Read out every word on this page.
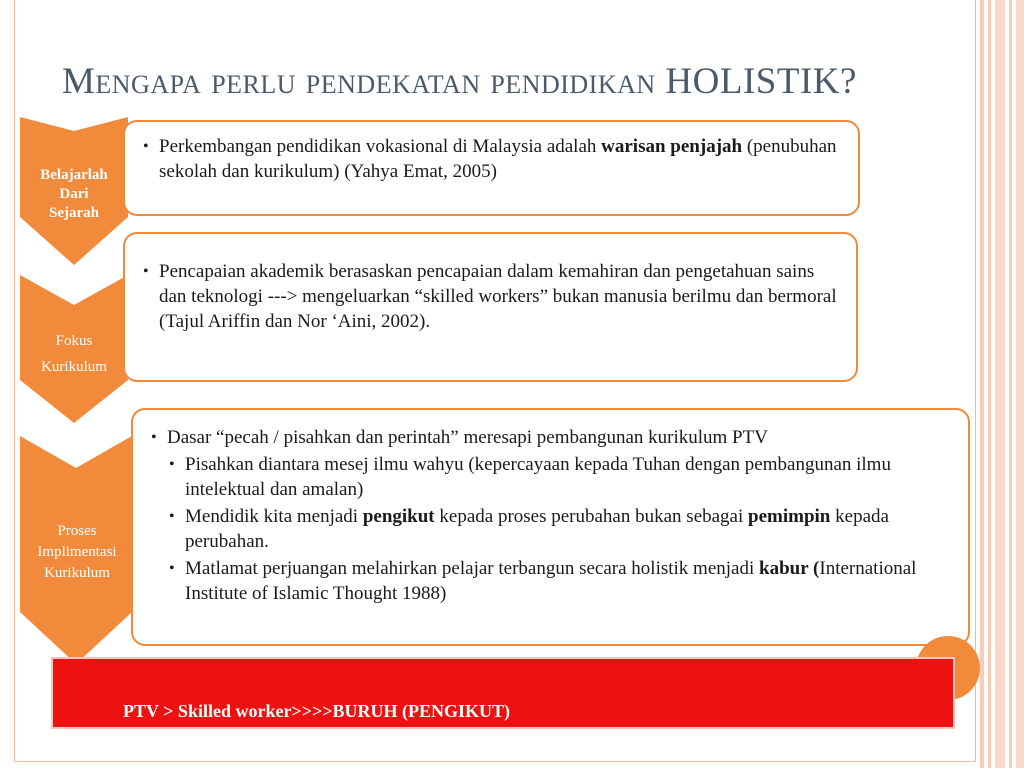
Mengapa perlu pendekatan pendidikan HOLISTIK?
Belajarlah
Dari
Sejarah
Fokus
Kurikulum
Proses
Implimentasi
Kurikulum
• Perkembangan pendidikan vokasional di Malaysia adalah warisan penjajah (penubuhan sekolah dan kurikulum) (Yahya Emat, 2005)
• Pencapaian akademik berasaskan pencapaian dalam kemahiran dan pengetahuan sains dan teknologi ---> mengeluarkan “skilled workers” bukan manusia berilmu dan bermoral (Tajul Ariffin dan Nor ‘Aini, 2002).
• Dasar “pecah / pisahkan dan perintah” meresapi pembangunan kurikulum PTV
• Pisahkan diantara mesej ilmu wahyu (kepercayaan kepada Tuhan dengan pembangunan ilmu intelektual dan amalan)
• Mendidik kita menjadi pengikut kepada proses perubahan bukan sebagai pemimpin kepada perubahan.
• Matlamat perjuangan melahirkan pelajar terbangun secara holistik menjadi kabur (International Institute of Islamic Thought 1988)
PTV > Skilled worker>>>>BURUH (PENGIKUT)
